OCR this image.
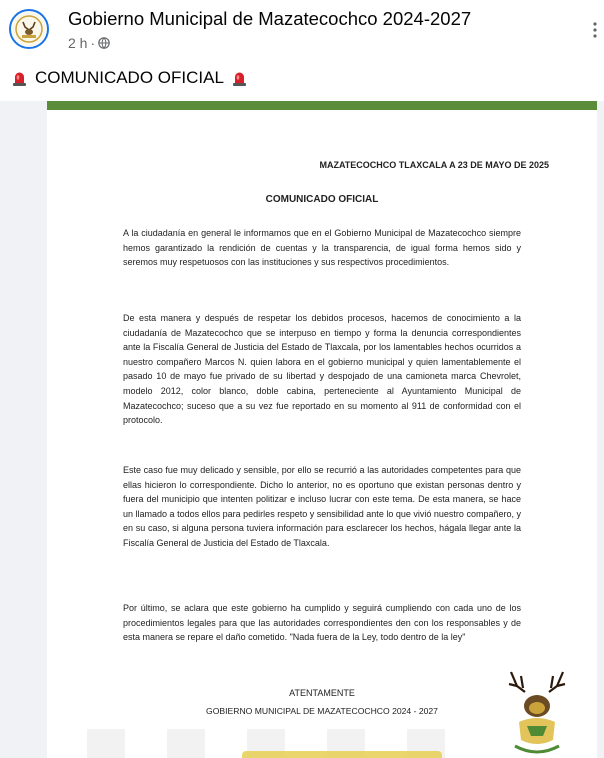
Gobierno Municipal de Mazatecochco 2024-2027
2 h ·
COMUNICADO OFICIAL
MAZATECOCHCO TLAXCALA A 23 DE MAYO DE 2025
COMUNICADO OFICIAL
A la ciudadanía en general le informamos que en el Gobierno Municipal de Mazatecochco siempre hemos garantizado la rendición de cuentas y la transparencia, de igual forma hemos sido y seremos muy respetuosos con las instituciones y sus respectivos procedimientos.
De esta manera y después de respetar los debidos procesos, hacemos de conocimiento a la ciudadanía de Mazatecochco que se interpuso en tiempo y forma la denuncia correspondientes ante la Fiscalía General de Justicia del Estado de Tlaxcala, por los lamentables hechos ocurridos a nuestro compañero Marcos N. quien labora en el gobierno municipal y quien lamentablemente el pasado 10 de mayo fue privado de su libertad y despojado de una camioneta marca Chevrolet, modelo 2012, color blanco, doble cabina, perteneciente al Ayuntamiento Municipal de Mazatecochco; suceso que a su vez fue reportado en su momento al 911 de conformidad con el protocolo.
Este caso fue muy delicado y sensible, por ello se recurrió a las autoridades competentes para que ellas hicieron lo correspondiente. Dicho lo anterior, no es oportuno que existan personas dentro y fuera del municipio que intenten politizar e incluso lucrar con este tema. De esta manera, se hace un llamado a todos ellos para pedirles respeto y sensibilidad ante lo que vivió nuestro compañero, y en su caso, si alguna persona tuviera información para esclarecer los hechos, hágala llegar ante la Fiscalía General de Justicia del Estado de Tlaxcala.
Por último, se aclara que este gobierno ha cumplido y seguirá cumpliendo con cada uno de los procedimientos legales para que las autoridades correspondientes den con los responsables y de esta manera se repare el daño cometido. "Nada fuera de la Ley, todo dentro de la ley"
ATENTAMENTE
GOBIERNO MUNICIPAL DE MAZATECOCHCO 2024 - 2027
